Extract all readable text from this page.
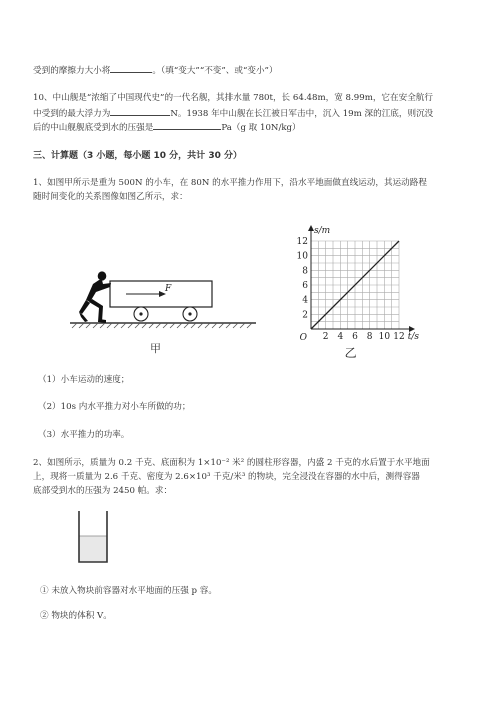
受到的摩擦力大小将	。（填“变大”“不变”、或“变小”）
10、中山舰是“浓缩了中国现代史”的一代名舰，其排水量 780t，长 64.48m，宽 8.99m，它在安全航行
中受到的最大浮力为	N。1938 年中山舰在长江被日军击中，沉入 19m 深的江底，则沉没
后的中山舰舰底受到水的压强是	Pa（g 取 10N/kg）
三、计算题（3 小题，每小题 10 分，共计 30 分）
1、如图甲所示是重为 500N 的小车，在 80N 的水平推力作用下，沿水平地面做直线运动，其运动路程
随时间变化的关系图像如图乙所示，求：
F
甲
2 4 6 8 10 12
2
4
6
8
10
12
O	t/s
s/m
乙
（1）小车运动的速度；
（2）10s 内水平推力对小车所做的功；
（3）水平推力的功率。
2、如图所示，质量为 0.2 千克、底面积为 1×10⁻² 米² 的圆柱形容器，内盛 2 千克的水后置于水平地面
上，现将一质量为 2.6 千克、密度为 2.6×10³ 千克/米³ 的物块，完全浸没在容器的水中后，测得容器
底部受到水的压强为 2450 帕。求：
① 未放入物块前容器对水平地面的压强 p 容。
② 物块的体积 V。
